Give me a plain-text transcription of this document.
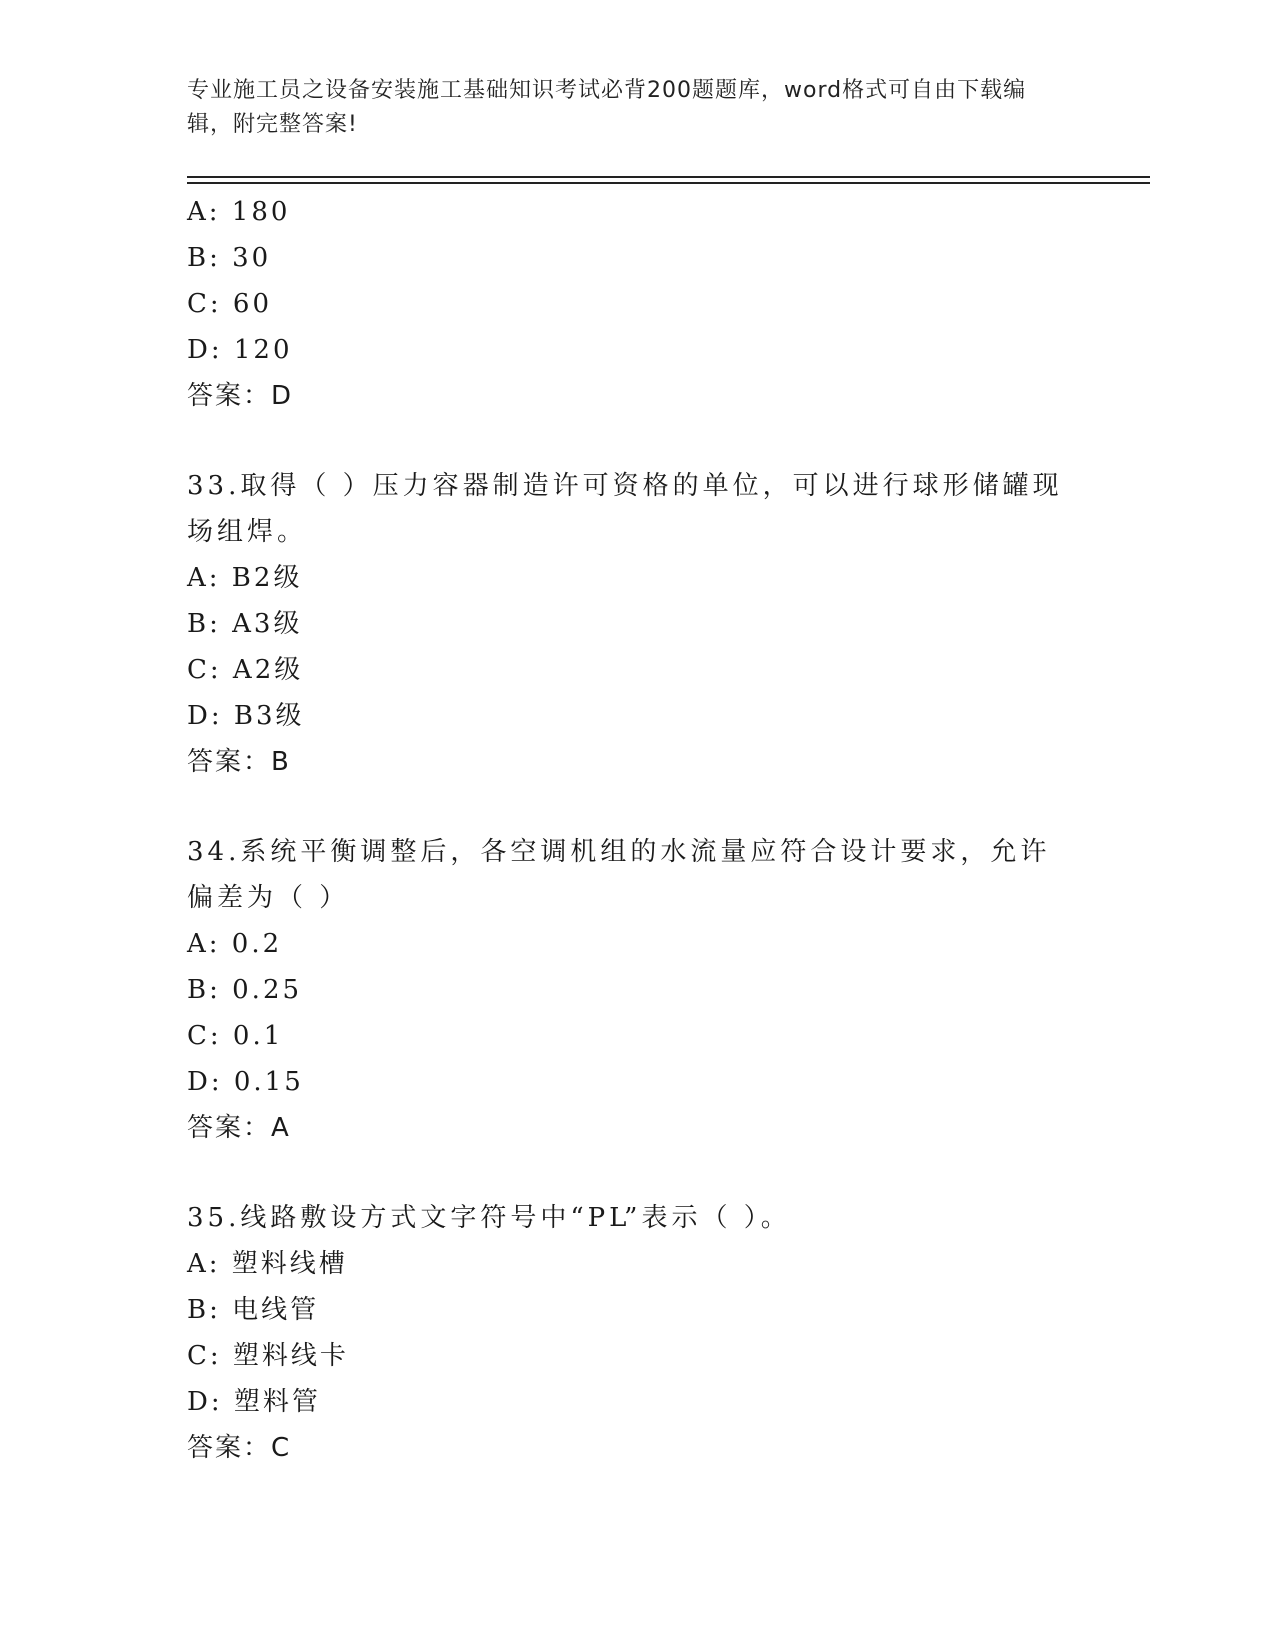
专业施工员之设备安装施工基础知识考试必背200题题库，word格式可自由下载编辑，附完整答案!
A: 180
B: 30
C: 60
D: 120
答案：D
33.取得（ ）压力容器制造许可资格的单位，可以进行球形储罐现场组焊。
A: B2级
B: A3级
C: A2级
D: B3级
答案：B
34.系统平衡调整后，各空调机组的水流量应符合设计要求，允许偏差为（ ）
A: 0.2
B: 0.25
C: 0.1
D: 0.15
答案：A
35.线路敷设方式文字符号中“PL”表示（ ）。
A: 塑料线槽
B: 电线管
C: 塑料线卡
D: 塑料管
答案：C
